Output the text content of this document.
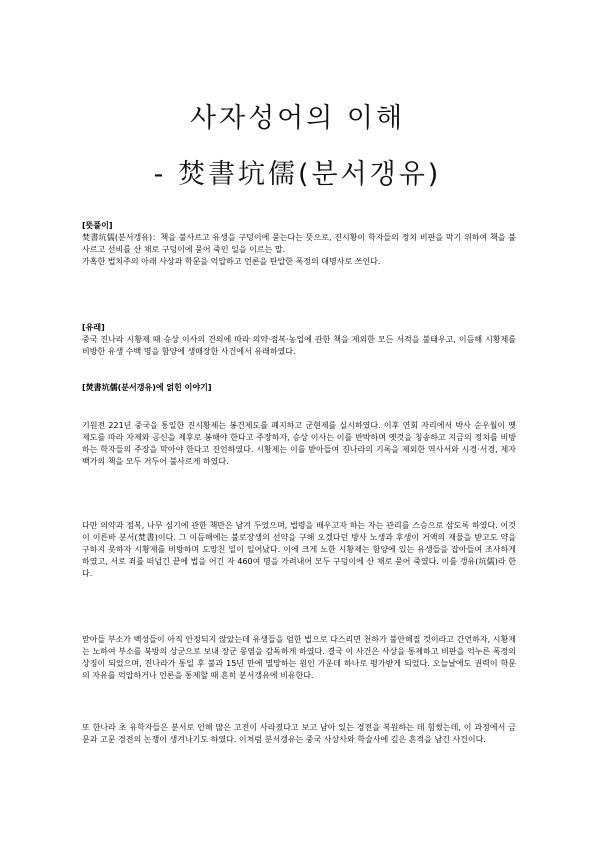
사자성어의 이해
- 焚書坑儒(분서갱유)
[뜻풀이]
焚書坑儒(분서갱유)：책을 불사르고 유생을 구덩이에 묻는다는 뜻으로, 진시황이 학자들의 정치 비판을 막기 위하여 책을 불사르고 선비를 산 채로 구덩이에 묻어 죽인 일을 이르는 말.
가혹한 법치주의 아래 사상과 학문을 억압하고 언론을 탄압한 폭정의 대명사로 쓰인다.
[유래]
중국 진나라 시황제 때 승상 이사의 건의에 따라 의약·점복·농업에 관한 책을 제외한 모든 서적을 불태우고, 이듬해 시황제를 비방한 유생 수백 명을 함양에 생매장한 사건에서 유래하였다.
[焚書坑儒(분서갱유)에 얽힌 이야기]
기원전 221년 중국을 통일한 진시황제는 봉건제도를 폐지하고 군현제를 실시하였다. 이후 연회 자리에서 박사 순우월이 옛 제도를 따라 자제와 공신을 제후로 봉해야 한다고 주장하자, 승상 이사는 이를 반박하며 옛것을 칭송하고 지금의 정치를 비방하는 학자들의 주장을 막아야 한다고 진언하였다. 시황제는 이를 받아들여 진나라의 기록을 제외한 역사서와 시경·서경, 제자백가의 책을 모두 거두어 불사르게 하였다.
다만 의약과 점복, 나무 심기에 관한 책만은 남겨 두었으며, 법령을 배우고자 하는 자는 관리를 스승으로 삼도록 하였다. 이것이 이른바 분서(焚書)이다. 그 이듬해에는 불로장생의 선약을 구해 오겠다던 방사 노생과 후생이 거액의 재물을 받고도 약을 구하지 못하자 시황제를 비방하며 도망친 일이 일어났다. 이에 크게 노한 시황제는 함양에 있는 유생들을 잡아들여 조사하게 하였고, 서로 죄를 떠넘긴 끝에 법을 어긴 자 460여 명을 가려내어 모두 구덩이에 산 채로 묻어 죽였다. 이를 갱유(坑儒)라 한다.
맏아들 부소가 백성들이 아직 안정되지 않았는데 유생들을 엄한 법으로 다스리면 천하가 불안해질 것이라고 간언하자, 시황제는 노하여 부소를 북방의 상군으로 보내 장군 몽염을 감독하게 하였다. 결국 이 사건은 사상을 통제하고 비판을 억누른 폭정의 상징이 되었으며, 진나라가 통일 후 불과 15년 만에 멸망하는 원인 가운데 하나로 평가받게 되었다. 오늘날에도 권력이 학문의 자유를 억압하거나 언론을 통제할 때 흔히 분서갱유에 비유한다.
또 한나라 초 유학자들은 분서로 인해 많은 고전이 사라졌다고 보고 남아 있는 경전을 복원하는 데 힘썼는데, 이 과정에서 금문과 고문 경전의 논쟁이 생겨나기도 하였다. 이처럼 분서갱유는 중국 사상사와 학술사에 깊은 흔적을 남긴 사건이다.
